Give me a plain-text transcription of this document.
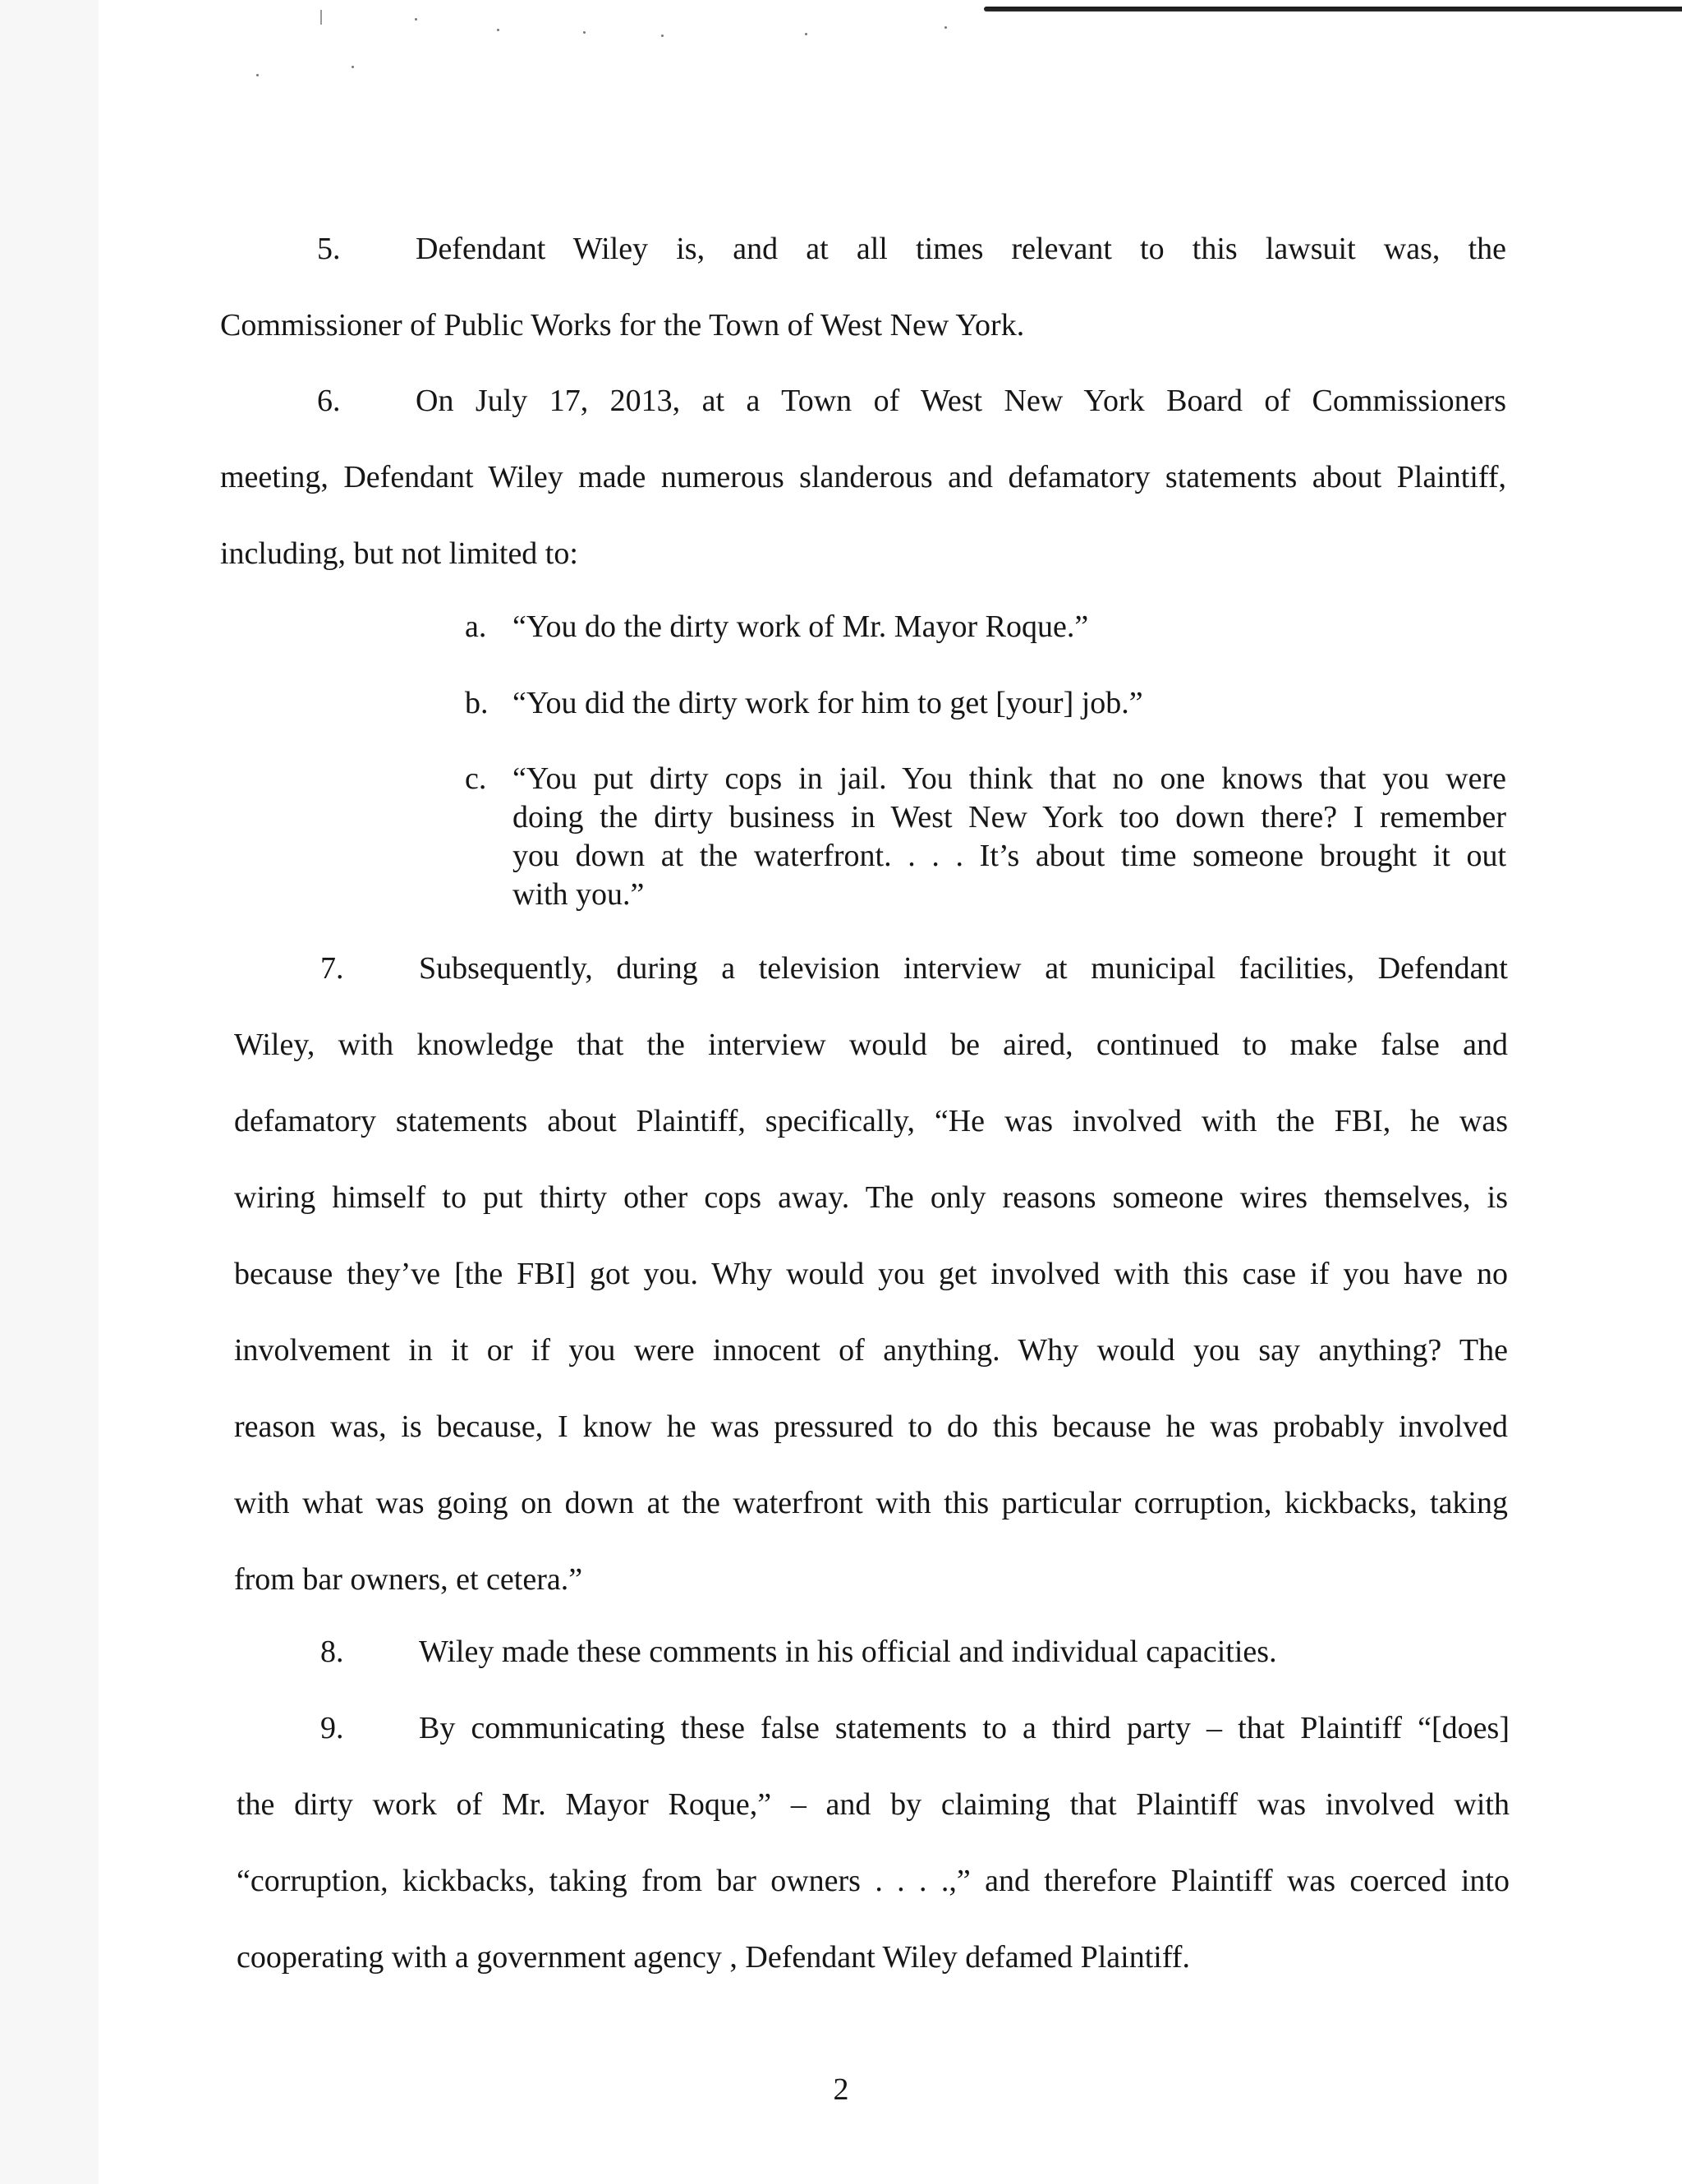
5. Defendant Wiley is, and at all times relevant to this lawsuit was, the
Commissioner of Public Works for the Town of West New York.
6. On July 17, 2013, at a Town of West New York Board of Commissioners
meeting, Defendant Wiley made numerous slanderous and defamatory statements about Plaintiff,
including, but not limited to:
a. “You do the dirty work of Mr. Mayor Roque.”
b. “You did the dirty work for him to get [your] job.”
c. “You put dirty cops in jail. You think that no one knows that you were
doing the dirty business in West New York too down there? I remember
you down at the waterfront. . . . It’s about time someone brought it out
with you.”
7. Subsequently, during a television interview at municipal facilities, Defendant
Wiley, with knowledge that the interview would be aired, continued to make false and
defamatory statements about Plaintiff, specifically, “He was involved with the FBI, he was
wiring himself to put thirty other cops away. The only reasons someone wires themselves, is
because they’ve [the FBI] got you. Why would you get involved with this case if you have no
involvement in it or if you were innocent of anything. Why would you say anything? The
reason was, is because, I know he was pressured to do this because he was probably involved
with what was going on down at the waterfront with this particular corruption, kickbacks, taking
from bar owners, et cetera.”
8. Wiley made these comments in his official and individual capacities.
9. By communicating these false statements to a third party – that Plaintiff “[does]
the dirty work of Mr. Mayor Roque,” – and by claiming that Plaintiff was involved with
“corruption, kickbacks, taking from bar owners . . . .,” and therefore Plaintiff was coerced into
cooperating with a government agency , Defendant Wiley defamed Plaintiff.
2
